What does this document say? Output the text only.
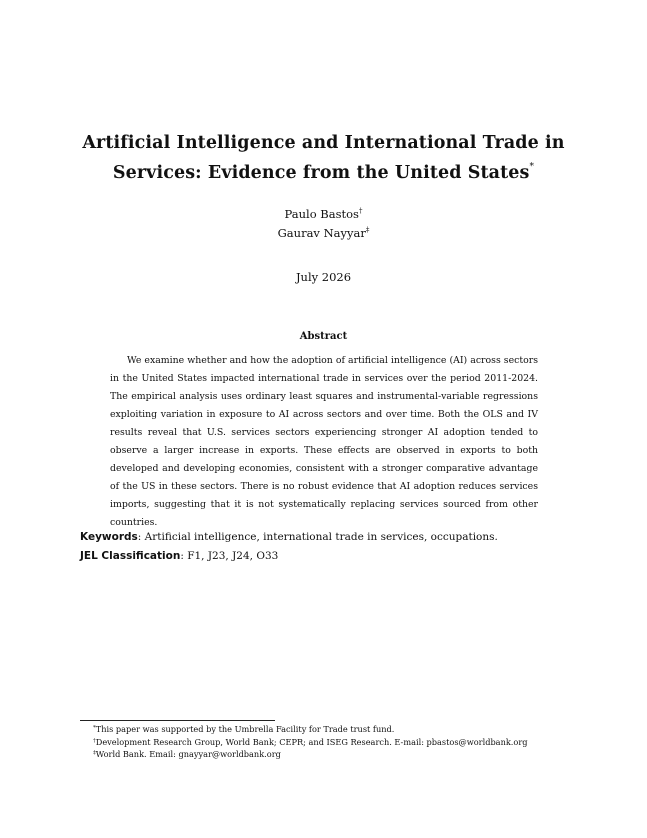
Artificial Intelligence and International Trade in
Services: Evidence from the United States*
Paulo Bastos†
Gaurav Nayyar‡
July 2026
Abstract
We examine whether and how the adoption of artificial intelligence (AI) across sectors in the United States impacted international trade in services over the period 2011-2024. The empirical analysis uses ordinary least squares and instrumental-variable regressions exploiting variation in exposure to AI across sectors and over time. Both the OLS and IV results reveal that U.S. services sectors experiencing stronger AI adoption tended to observe a larger increase in exports. These effects are observed in exports to both developed and developing economies, consistent with a stronger comparative advantage of the US in these sectors. There is no robust evidence that AI adoption reduces services imports, suggesting that it is not systematically replacing services sourced from other countries.
Keywords: Artificial intelligence, international trade in services, occupations.
JEL Classification: F1, J23, J24, O33
*This paper was supported by the Umbrella Facility for Trade trust fund.
†Development Research Group, World Bank; CEPR; and ISEG Research. E-mail: pbastos@worldbank.org
‡World Bank. Email: gnayyar@worldbank.org
